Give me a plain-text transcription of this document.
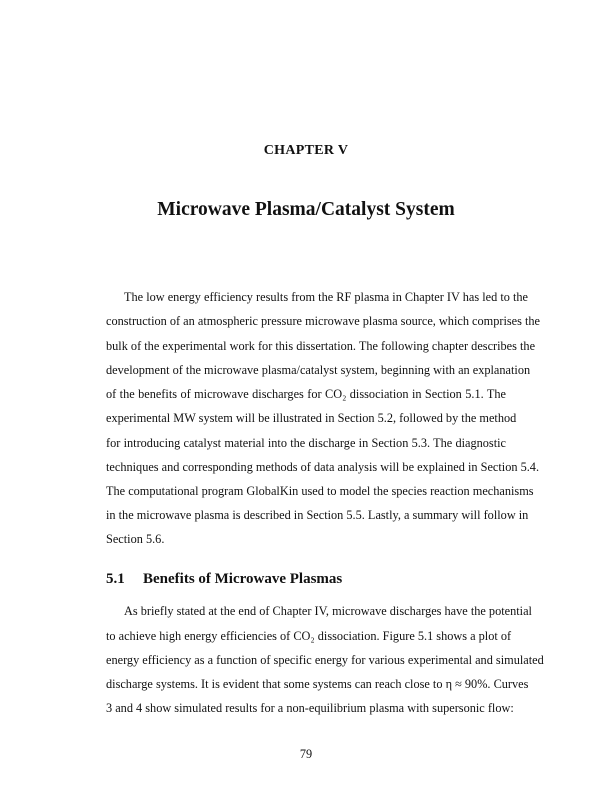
CHAPTER V
Microwave Plasma/Catalyst System
The low energy efficiency results from the RF plasma in Chapter IV has led to the
construction of an atmospheric pressure microwave plasma source, which comprises the
bulk of the experimental work for this dissertation. The following chapter describes the
development of the microwave plasma/catalyst system, beginning with an explanation
of the benefits of microwave discharges for CO₂ dissociation in Section 5.1. The
experimental MW system will be illustrated in Section 5.2, followed by the method
for introducing catalyst material into the discharge in Section 5.3. The diagnostic
techniques and corresponding methods of data analysis will be explained in Section 5.4.
The computational program GlobalKin used to model the species reaction mechanisms
in the microwave plasma is described in Section 5.5. Lastly, a summary will follow in
Section 5.6.
5.1 Benefits of Microwave Plasmas
As briefly stated at the end of Chapter IV, microwave discharges have the potential
to achieve high energy efficiencies of CO₂ dissociation. Figure 5.1 shows a plot of
energy efficiency as a function of specific energy for various experimental and simulated
discharge systems. It is evident that some systems can reach close to η ≈ 90%. Curves
3 and 4 show simulated results for a non-equilibrium plasma with supersonic flow:
79
